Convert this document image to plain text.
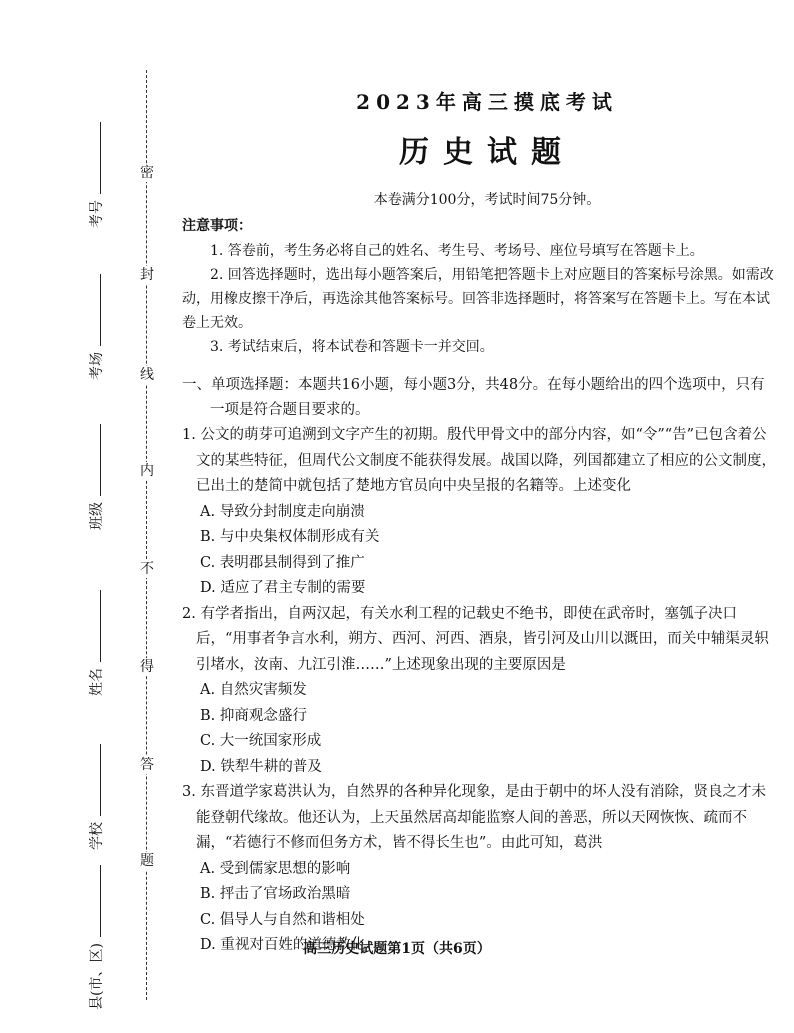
密
封
线
内
不
得
答
题
考号
考场
班级
姓名
学校
县(市、区)
2023年高三摸底考试
历史试题
本卷满分100分，考试时间75分钟。
注意事项：

1. 答卷前，考生务必将自己的姓名、考生号、考场号、座位号填写在答题卡上。

2. 回答选择题时，选出每小题答案后，用铅笔把答题卡上对应题目的答案标号涂黑。如需改动，用橡皮擦干净后，再选涂其他答案标号。回答非选择题时，将答案写在答题卡上。写在本试卷上无效。

3. 考试结束后，将本试卷和答题卡一并交回。

一、单项选择题：本题共16小题，每小题3分，共48分。在每小题给出的四个选项中，只有一项是符合题目要求的。

1. 公文的萌芽可追溯到文字产生的初期。殷代甲骨文中的部分内容，如“令”“告”已包含着公文的某些特征，但周代公文制度不能获得发展。战国以降，列国都建立了相应的公文制度，已出土的楚简中就包括了楚地方官员向中央呈报的名籍等。上述变化

A. 导致分封制度走向崩溃

B. 与中央集权体制形成有关

C. 表明郡县制得到了推广

D. 适应了君主专制的需要

2. 有学者指出，自两汉起，有关水利工程的记载史不绝书，即使在武帝时，塞瓠子决口后，“用事者争言水利，朔方、西河、河西、酒泉，皆引河及山川以溉田，而关中辅渠灵轵引堵水，汝南、九江引淮……”上述现象出现的主要原因是

A. 自然灾害频发

B. 抑商观念盛行

C. 大一统国家形成

D. 铁犁牛耕的普及

3. 东晋道学家葛洪认为，自然界的各种异化现象，是由于朝中的坏人没有消除，贤良之才未能登朝代缘故。他还认为，上天虽然居高却能监察人间的善恶，所以天网恢恢、疏而不漏，“若德行不修而但务方术，皆不得长生也”。由此可知，葛洪

A. 受到儒家思想的影响

B. 抨击了官场政治黑暗

C. 倡导人与自然和谐相处

D. 重视对百姓的道德教化

高三历史试题第1页（共6页）
